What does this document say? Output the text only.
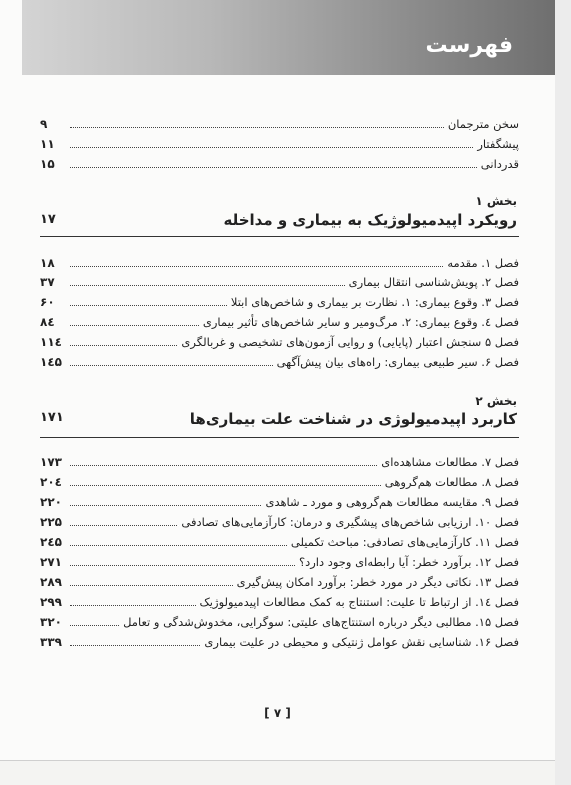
فهرست
سخن مترجمان
۹
پیشگفتار
۱۱
قدردانی
۱۵
بخش ۱
رویکرد اپیدمیولوژیک به بیماری و مداخله
۱۷
فصل ۱. مقدمه
۱۸
فصل ۲. پویش‌شناسی انتقال بیماری
۳۷
فصل ۳. وقوع بیماری: ۱. نظارت بر بیماری و شاخص‌های ابتلا
۶۰
فصل ٤. وقوع بیماری: ۲. مرگ‌ومیر و سایر شاخص‌های تأثیر بیماری
۸٤
فصل ۵ سنجش اعتبار (پایایی) و روایی آزمون‌های تشخیصی و غربالگری
۱۱٤
فصل ۶. سیر طبیعی بیماری: راه‌های بیان پیش‌آگهی
۱٤۵
بخش ۲
کاربرد اپیدمیولوژی در شناخت علت بیماری‌ها
۱۷۱
فصل ۷. مطالعات مشاهده‌ای
۱۷۳
فصل ۸. مطالعات هم‌گروهی
۲۰٤
فصل ۹. مقایسه مطالعات هم‌گروهی و مورد ـ شاهدی
۲۲۰
فصل ۱۰. ارزیابی شاخص‌های پیشگیری و درمان: کارآزمایی‌های تصادفی
۲۲۵
فصل ۱۱. کارآزمایی‌های تصادفی: مباحث تکمیلی
۲٤۵
فصل ۱۲. برآورد خطر: آیا رابطه‌ای وجود دارد؟
۲۷۱
فصل ۱۳. نکاتی دیگر در مورد خطر: برآورد امکان پیش‌گیری
۲۸۹
فصل ۱٤. از ارتباط تا علیت: استنتاج به کمک مطالعات اپیدمیولوژیک
۲۹۹
فصل ۱۵. مطالبی دیگر درباره استنتاج‌های علیتی: سوگرایی، مخدوش‌شدگی و تعامل
۳۲۰
فصل ۱۶. شناسایی نقش عوامل ژنتیکی و محیطی در علیت بیماری
۳۳۹
[ ۷ ]
